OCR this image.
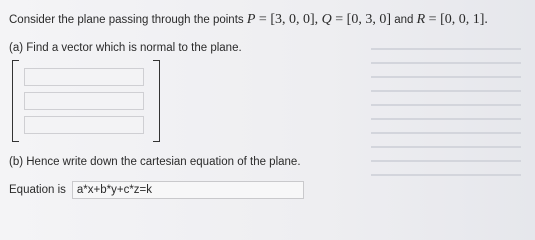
Consider the plane passing through the points P = [3, 0, 0], Q = [0, 3, 0] and R = [0, 0, 1].
(a) Find a vector which is normal to the plane.
(b) Hence write down the cartesian equation of the plane.
Equation is
a*x+b*y+c*z=k
